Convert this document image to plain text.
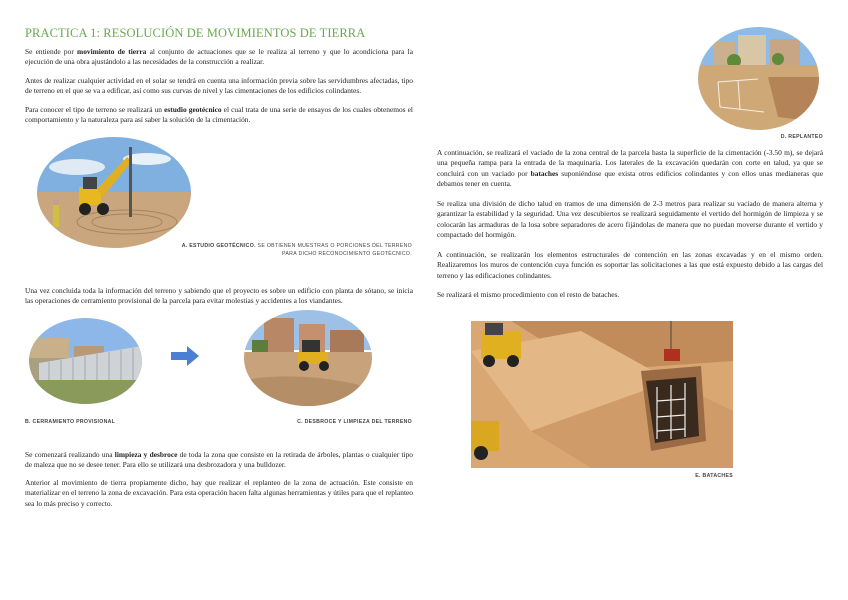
PRACTICA 1: RESOLUCIÓN DE MOVIMIENTOS DE TIERRA

Se entiende por movimiento de tierra al conjunto de actuaciones que se le realiza al terreno y que lo acondiciona para la ejecución de una obra ajustándolo a las necesidades de la construcción a realizar.

Antes de realizar cualquier actividad en el solar se tendrá en cuenta una información previa sobre las servidumbres afectadas, tipo de terreno en el que se va a edificar, así como sus curvas de nivel y las cimentaciones de los edificios colindantes.

Para conocer el tipo de terreno se realizará un estudio geotécnico el cual trata de una serie de ensayos de los cuales obtenemos el comportamiento y la naturaleza para así saber la solución de la cimentación.

A. ESTUDIO GEOTÉCNICO. SE OBTIENEN MUESTRAS O PORCIONES DEL TERRENO
PARA DICHO RECONOCIMIENTO GEOTÉCNICO.

Una vez concluida toda la información del terreno y sabiendo que el proyecto es sobre un edificio con planta de sótano, se inicia las operaciones de cerramiento provisional de la parcela para evitar molestias y accidentes a los viandantes.

B. CERRAMIENTO PROVISIONAL	C. DESBROCE Y LIMPIEZA DEL TERRENO

Se comenzará realizando una limpieza y desbroce de toda la zona que consiste en la retirada de árboles, plantas o cualquier tipo de maleza que no se desee tener. Para ello se utilizará una desbrozadora y una bulldozer.

Anterior al movimiento de tierra propiamente dicho, hay que realizar el replanteo de la zona de actuación. Este consiste en materializar en el terreno la zona de excavación. Para esta operación hacen falta algunas herramientas y útiles para que el replanteo sea lo más preciso y correcto.

D. REPLANTEO

A continuación, se realizará el vaciado de la zona central de la parcela hasta la superficie de la cimentación (-3.50 m), se dejará una pequeña rampa para la entrada de la maquinaria. Los laterales de la excavación quedarán con corte en talud, ya que se concluirá con un vaciado por bataches suponiéndose que exista otros edificios colindantes y con ellos unas medianeras que debamos tener en cuenta.

Se realiza una división de dicho talud en tramos de una dimensión de 2-3 metros para realizar su vaciado de manera alterna y garantizar la estabilidad y la seguridad. Una vez descubiertos se realizará seguidamente el vertido del hormigón de limpieza y se colocarán las armaduras de la losa sobre separadores de acero fijándolas de manera que no puedan moverse durante el vertido y compactado del hormigón.

A continuación, se realizarán los elementos estructurales de contención en las zonas excavadas y en el mismo orden. Realizaremos los muros de contención cuya función es soportar las solicitaciones a las que está expuesto debido a las cargas del terreno y las edificaciones colindantes.

Se realizará el mismo procedimiento con el resto de bataches.

E. BATACHES
